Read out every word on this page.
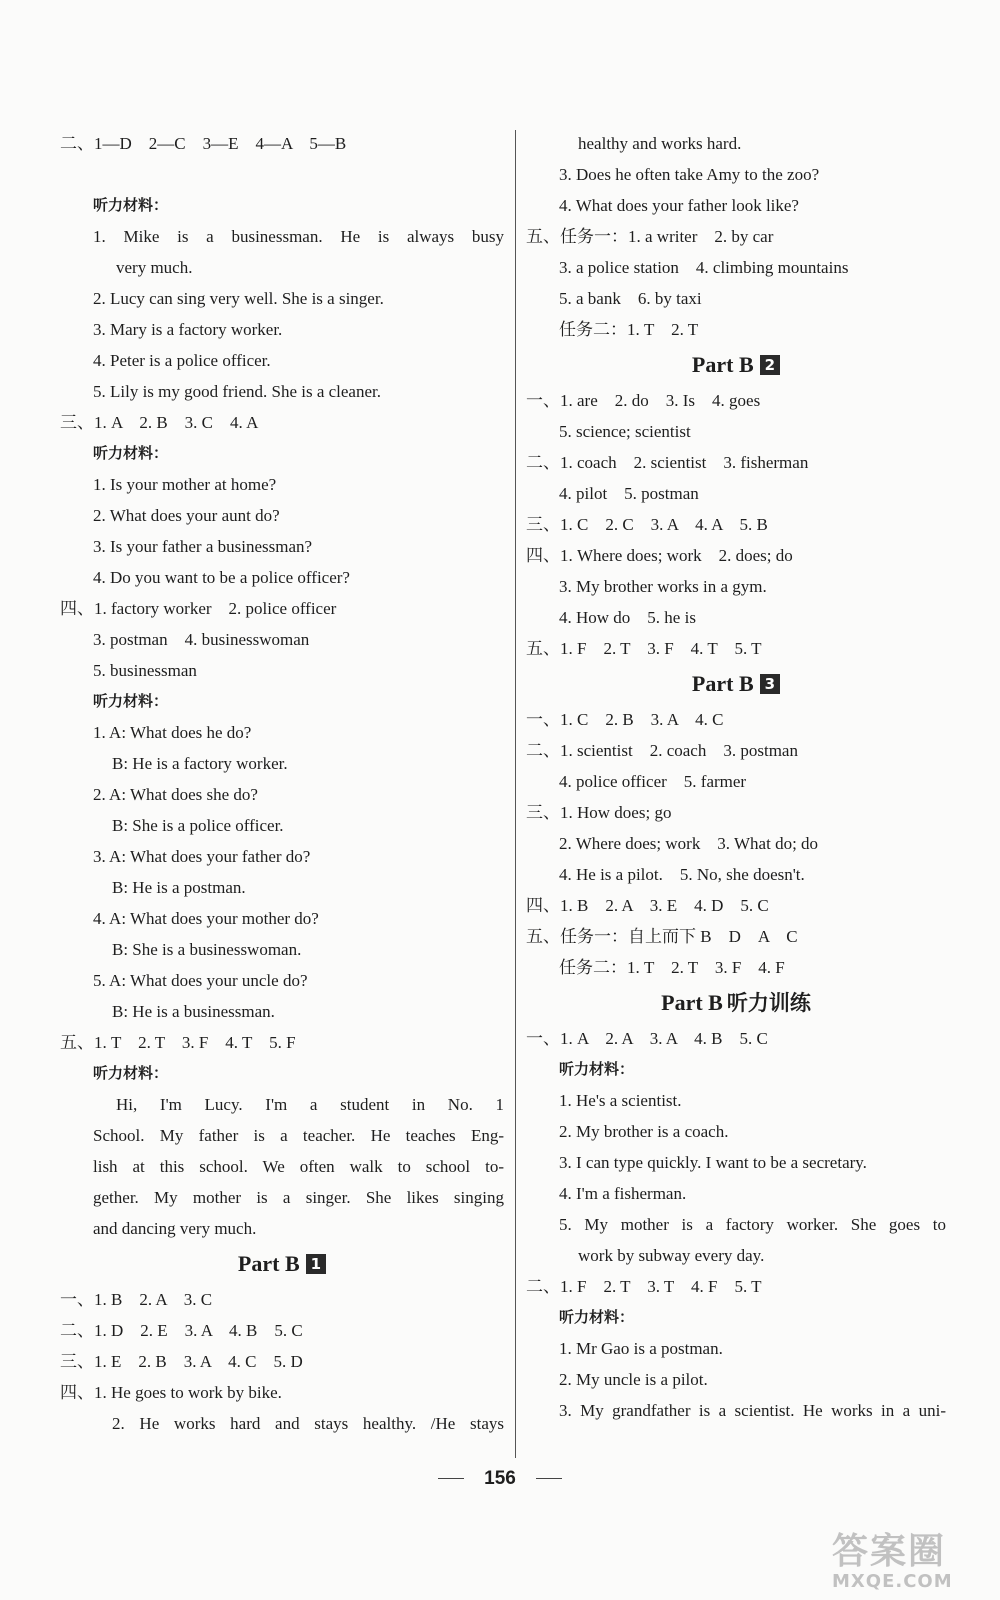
二、1—D　2—C　3—E　4—A　5—B
听力材料：
1. Mike is a businessman. He is always busy
very much.
2. Lucy can sing very well. She is a singer.
3. Mary is a factory worker.
4. Peter is a police officer.
5. Lily is my good friend. She is a cleaner.
三、1. A　2. B　3. C　4. A
听力材料：
1. Is your mother at home?
2. What does your aunt do?
3. Is your father a businessman?
4. Do you want to be a police officer?
四、1. factory worker　2. police officer
3. postman　4. businesswoman
5. businessman
听力材料：
1. A: What does he do?
B: He is a factory worker.
2. A: What does she do?
B: She is a police officer.
3. A: What does your father do?
B: He is a postman.
4. A: What does your mother do?
B: She is a businesswoman.
5. A: What does your uncle do?
B: He is a businessman.
五、1. T　2. T　3. F　4. T　5. F
听力材料：
Hi, I'm Lucy. I'm a student in No. 1
School. My father is a teacher. He teaches Eng-
lish at this school. We often walk to school to-
gether. My mother is a singer. She likes singing
and dancing very much.
Part B 1
一、1. B　2. A　3. C
二、1. D　2. E　3. A　4. B　5. C
三、1. E　2. B　3. A　4. C　5. D
四、1. He goes to work by bike.
2. He works hard and stays healthy. /He stays
healthy and works hard.
3. Does he often take Amy to the zoo?
4. What does your father look like?
五、任务一：1. a writer　2. by car
3. a police station　4. climbing mountains
5. a bank　6. by taxi
任务二：1. T　2. T
Part B 2
一、1. are　2. do　3. Is　4. goes
5. science; scientist
二、1. coach　2. scientist　3. fisherman
4. pilot　5. postman
三、1. C　2. C　3. A　4. A　5. B
四、1. Where does; work　2. does; do
3. My brother works in a gym.
4. How do　5. he is
五、1. F　2. T　3. F　4. T　5. T
Part B 3
一、1. C　2. B　3. A　4. C
二、1. scientist　2. coach　3. postman
4. police officer　5. farmer
三、1. How does; go
2. Where does; work　3. What do; do
4. He is a pilot.　5. No, she doesn't.
四、1. B　2. A　3. E　4. D　5. C
五、任务一：自上而下 B　D　A　C
任务二：1. T　2. T　3. F　4. F
Part B 听力训练
一、1. A　2. A　3. A　4. B　5. C
听力材料：
1. He's a scientist.
2. My brother is a coach.
3. I can type quickly. I want to be a secretary.
4. I'm a fisherman.
5. My mother is a factory worker. She goes to
work by subway every day.
二、1. F　2. T　3. T　4. F　5. T
听力材料：
1. Mr Gao is a postman.
2. My uncle is a pilot.
3. My grandfather is a scientist. He works in a uni-
156
答案圈
MXQE.COM
